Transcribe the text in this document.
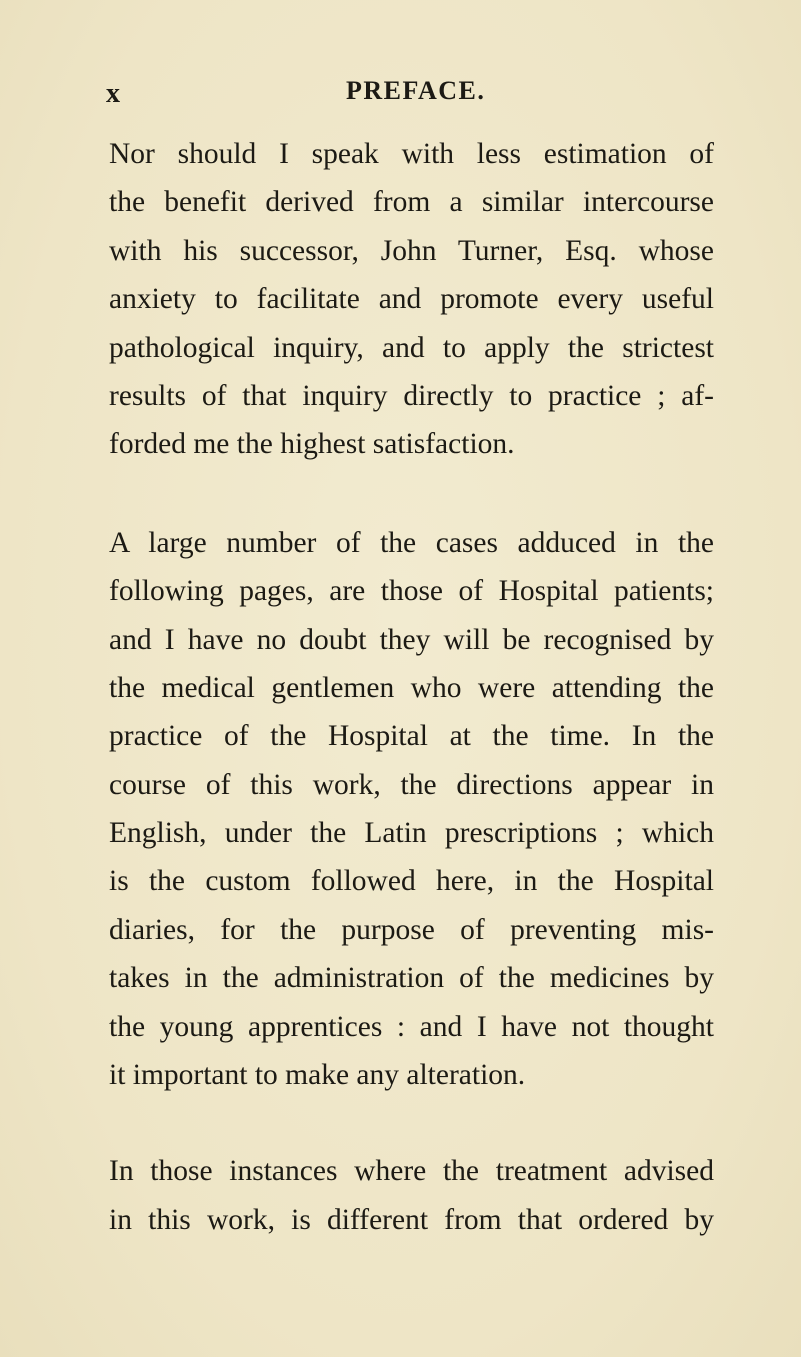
x	PREFACE.
Nor should I speak with less estimation of
the benefit derived from a similar intercourse
with his successor, John Turner, Esq. whose
anxiety to facilitate and promote every useful
pathological inquiry, and to apply the strictest
results of that inquiry directly to practice ; af-
forded me the highest satisfaction.
A large number of the cases adduced in the
following pages, are those of Hospital patients;
and I have no doubt they will be recognised by
the medical gentlemen who were attending the
practice of the Hospital at the time. In the
course of this work, the directions appear in
English, under the Latin prescriptions ; which
is the custom followed here, in the Hospital
diaries, for the purpose of preventing mis-
takes in the administration of the medicines by
the young apprentices : and I have not thought
it important to make any alteration.
In those instances where the treatment advised
in this work, is different from that ordered by
